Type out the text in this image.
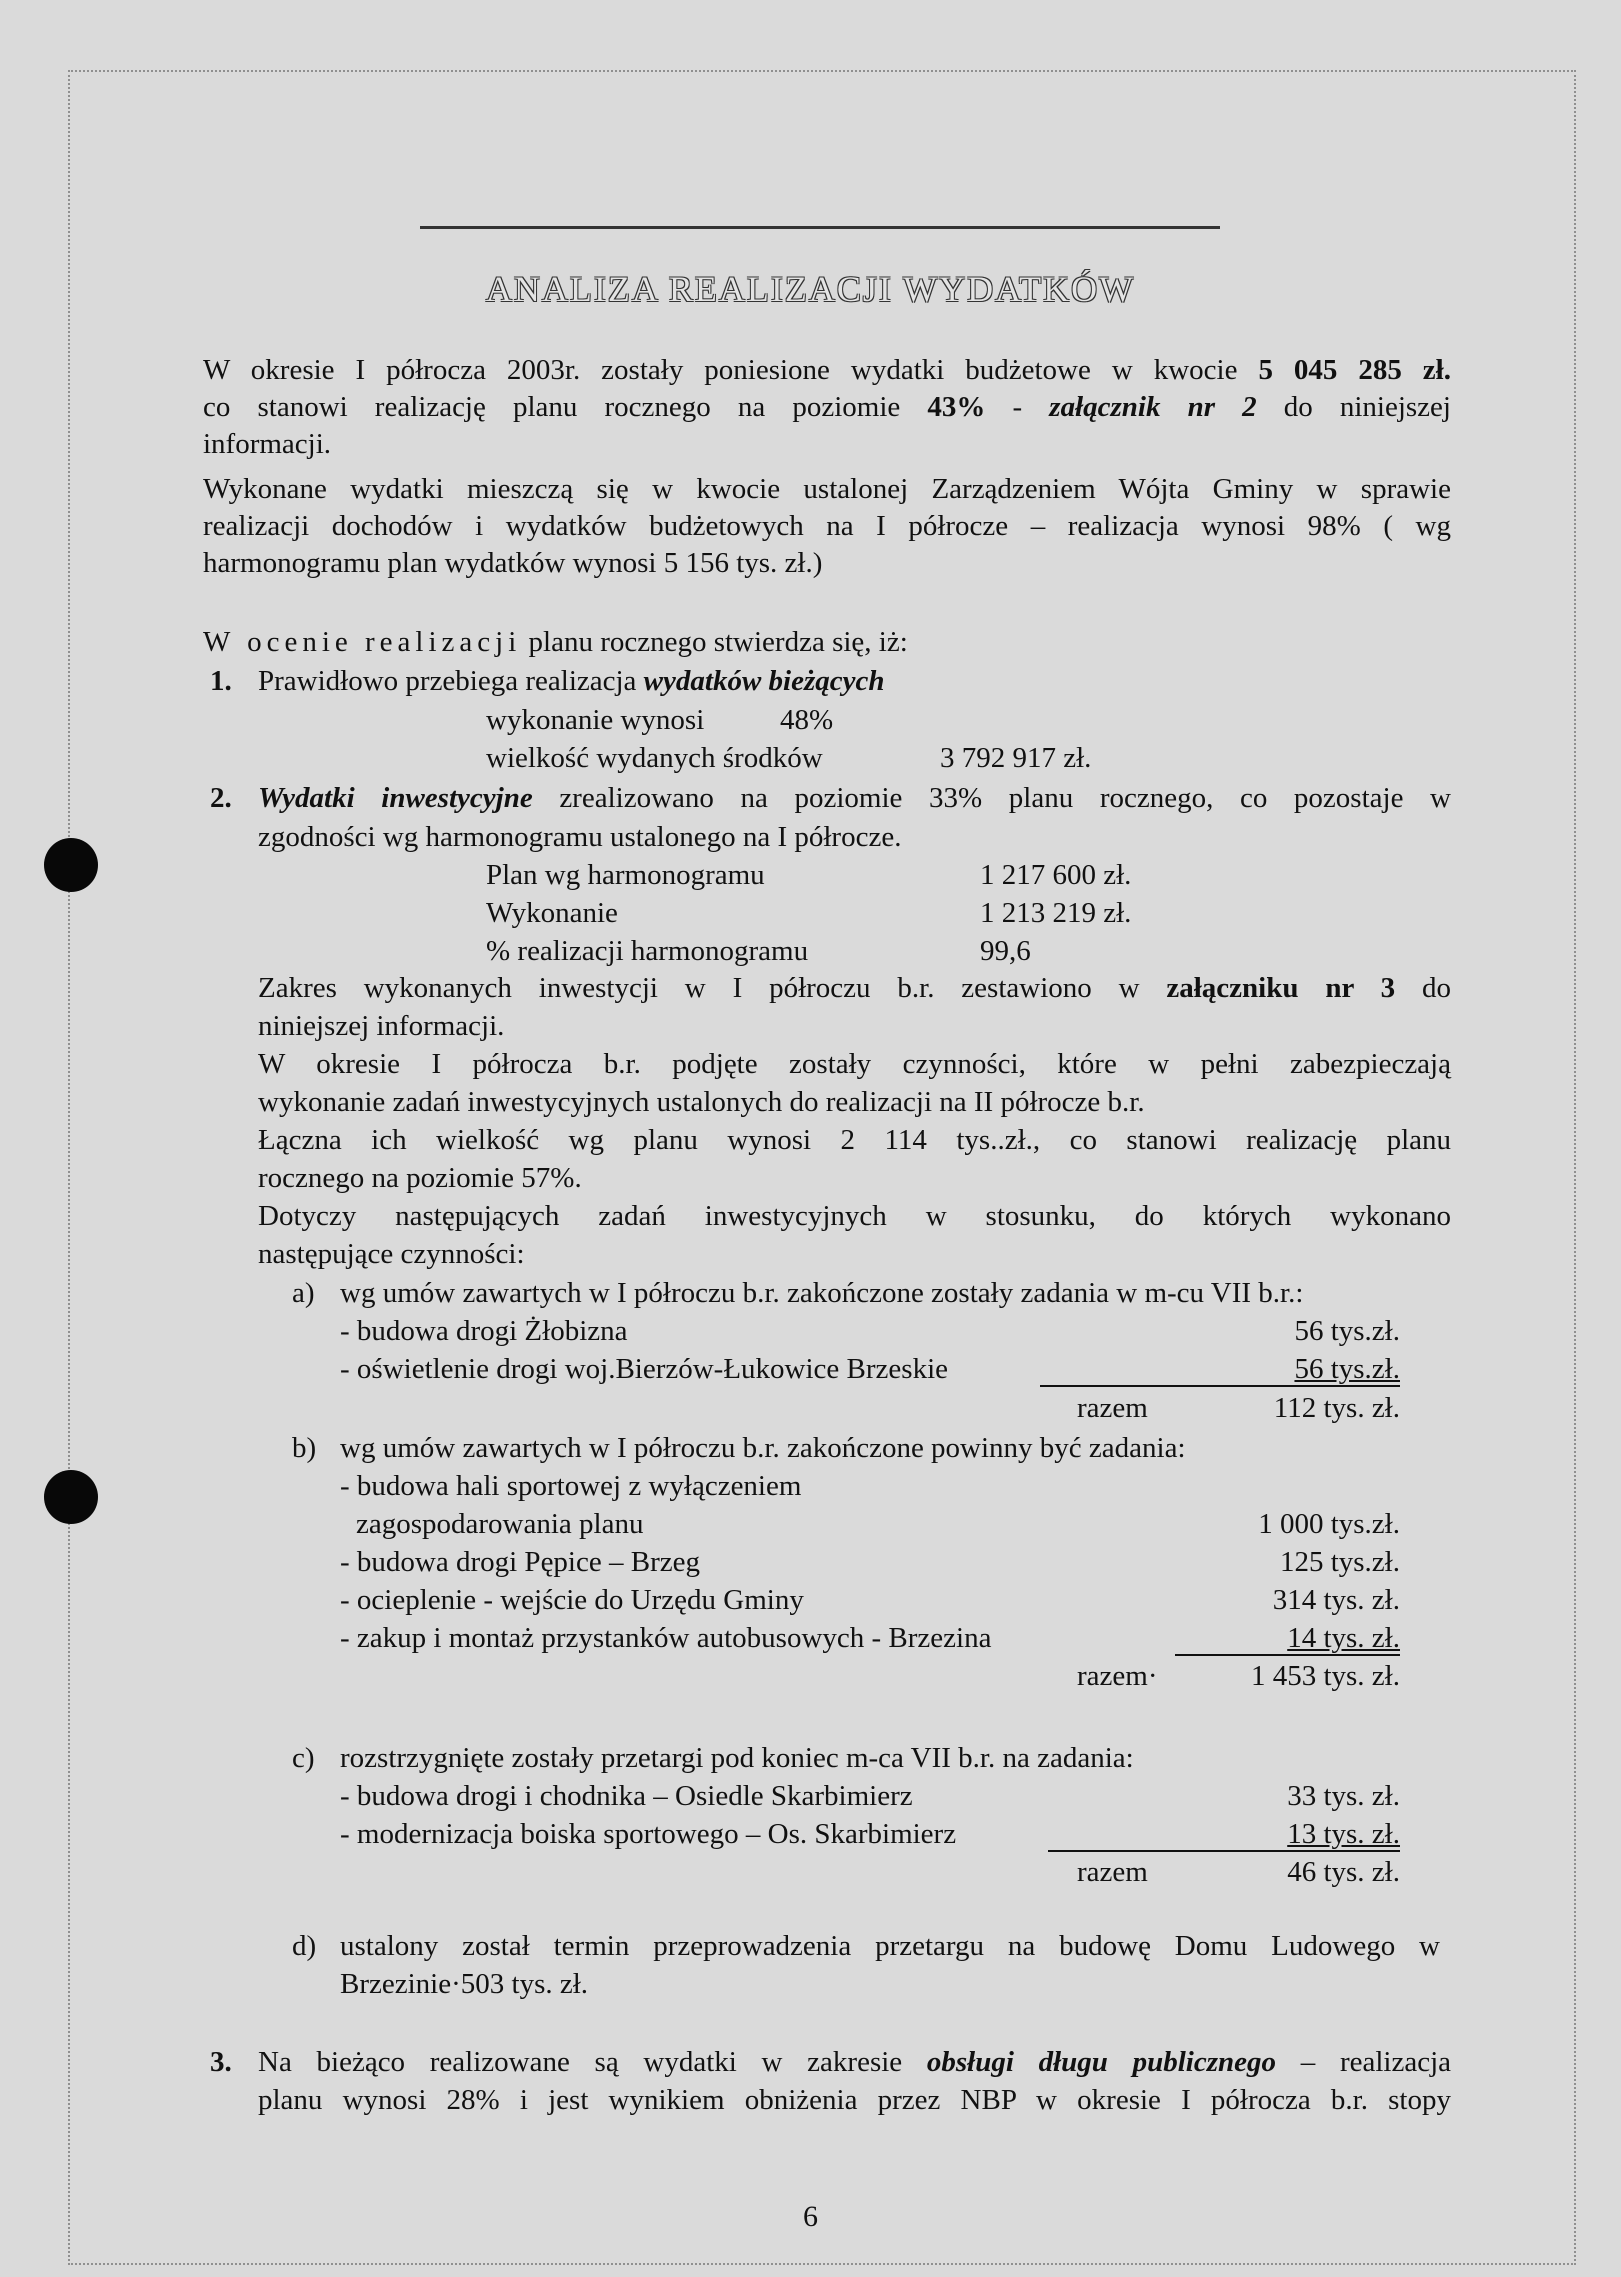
ANALIZA REALIZACJI WYDATKÓW
W okresie I półrocza 2003r. zostały poniesione wydatki budżetowe w kwocie 5 045 285 zł.
co stanowi realizację planu rocznego na poziomie 43% - załącznik nr 2 do niniejszej
informacji.
Wykonane wydatki mieszczą się w kwocie ustalonej Zarządzeniem Wójta Gminy w sprawie
realizacji dochodów i wydatków budżetowych na I półrocze – realizacja wynosi 98% ( wg
harmonogramu plan wydatków wynosi 5 156 tys. zł.)
W ocenie realizacji planu rocznego stwierdza się, iż:
1. Prawidłowo przebiega realizacja wydatków bieżących
wykonanie wynosi	48%
wielkość wydanych środków	3 792 917 zł.
2. Wydatki inwestycyjne zrealizowano na poziomie 33% planu rocznego, co pozostaje w
zgodności wg harmonogramu ustalonego na I półrocze.
Plan wg harmonogramu	1 217 600 zł.
Wykonanie	1 213 219 zł.
% realizacji harmonogramu	99,6
Zakres wykonanych inwestycji w I półroczu b.r. zestawiono w załączniku nr 3 do
niniejszej informacji.
W okresie I półrocza b.r. podjęte zostały czynności, które w pełni zabezpieczają
wykonanie zadań inwestycyjnych ustalonych do realizacji na II półrocze b.r.
Łączna ich wielkość wg planu wynosi 2 114 tys..zł., co stanowi realizację planu
rocznego na poziomie 57%.
Dotyczy następujących zadań inwestycyjnych w stosunku, do których wykonano
następujące czynności:
a) wg umów zawartych w I półroczu b.r. zakończone zostały zadania w m-cu VII b.r.:
- budowa drogi Żłobizna	56 tys.zł.
- oświetlenie drogi woj.Bierzów-Łukowice Brzeskie	56 tys.zł.
razem	112 tys. zł.
b) wg umów zawartych w I półroczu b.r. zakończone powinny być zadania:
- budowa hali sportowej z wyłączeniem
zagospodarowania planu	1 000 tys.zł.
- budowa drogi Pępice – Brzeg	125 tys.zł.
- ocieplenie - wejście do Urzędu Gminy	314 tys. zł.
- zakup i montaż przystanków autobusowych - Brzezina	14 tys. zł.
razem·	1 453 tys. zł.
c) rozstrzygnięte zostały przetargi pod koniec m-ca VII b.r. na zadania:
- budowa drogi i chodnika – Osiedle Skarbimierz	33 tys. zł.
- modernizacja boiska sportowego – Os. Skarbimierz	13 tys. zł.
razem	46 tys. zł.
d) ustalony został termin przeprowadzenia przetargu na budowę Domu Ludowego w
Brzezinie·503 tys. zł.
3. Na bieżąco realizowane są wydatki w zakresie obsługi długu publicznego – realizacja
planu wynosi 28% i jest wynikiem obniżenia przez NBP w okresie I półrocza b.r. stopy
6
